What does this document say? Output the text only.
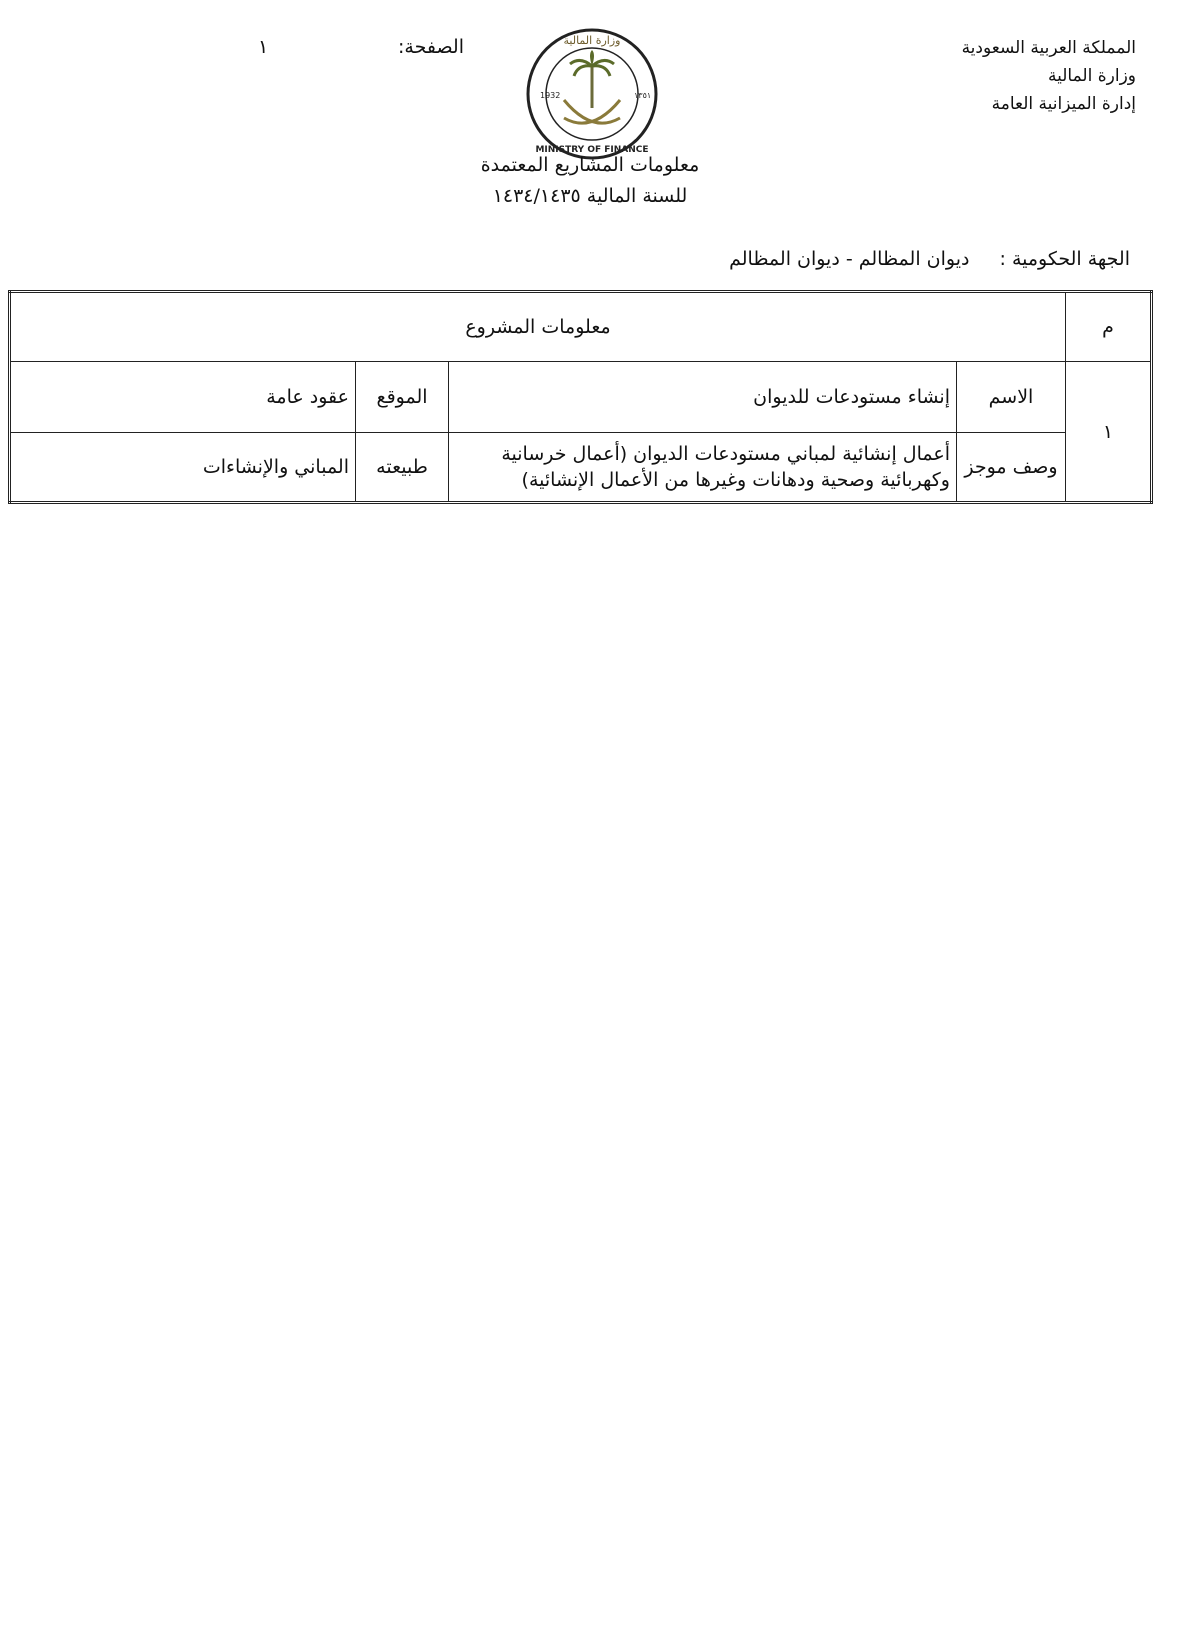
المملكة العربية السعودية
وزارة المالية
إدارة الميزانية العامة
الصفحة:
١	وزارة المالية
MINISTRY OF FINANCE
1932	١٣٥١
معلومات المشاريع المعتمدة
للسنة المالية ١٤٣٤/١٤٣٥
الجهة الحكومية : ديوان المظالم - ديوان المظالم
م	معلومات المشروع			
١	الاسم	إنشاء مستودعات للديوان	الموقع	عقود عامة
	وصف موجز	أعمال إنشائية لمباني مستودعات الديوان (أعمال خرسانية وكهربائية وصحية ودهانات وغيرها من الأعمال الإنشائية)	طبيعته	المباني والإنشاءات
